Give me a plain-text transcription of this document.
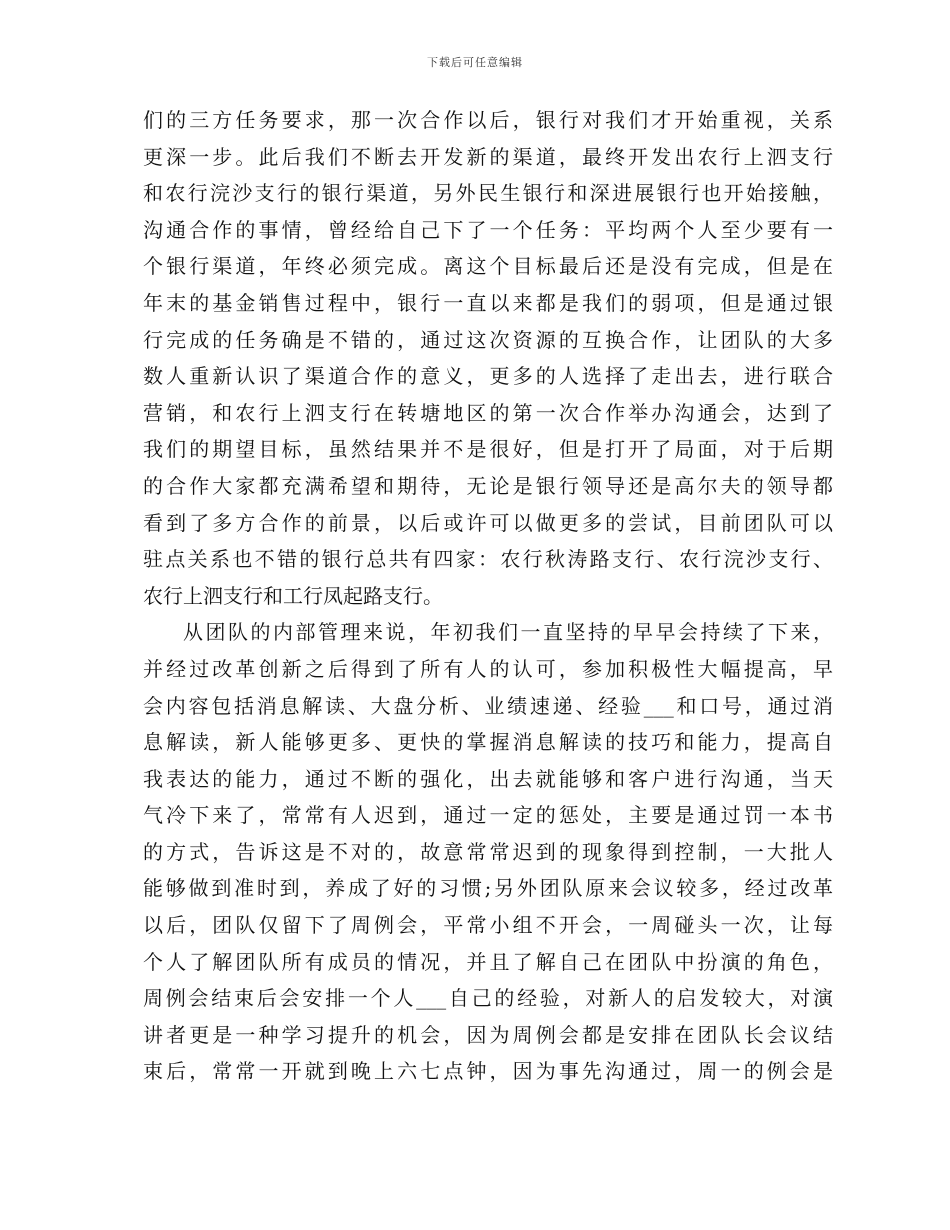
下载后可任意编辑
们的三方任务要求，那一次合作以后，银行对我们才开始重视，关系
更深一步。此后我们不断去开发新的渠道，最终开发出农行上泗支行
和农行浣沙支行的银行渠道，另外民生银行和深进展银行也开始接触，
沟通合作的事情，曾经给自己下了一个任务：平均两个人至少要有一
个银行渠道，年终必须完成。离这个目标最后还是没有完成，但是在
年末的基金销售过程中，银行一直以来都是我们的弱项，但是通过银
行完成的任务确是不错的，通过这次资源的互换合作，让团队的大多
数人重新认识了渠道合作的意义，更多的人选择了走出去，进行联合
营销，和农行上泗支行在转塘地区的第一次合作举办沟通会，达到了
我们的期望目标，虽然结果并不是很好，但是打开了局面，对于后期
的合作大家都充满希望和期待，无论是银行领导还是高尔夫的领导都
看到了多方合作的前景，以后或许可以做更多的尝试，目前团队可以
驻点关系也不错的银行总共有四家：农行秋涛路支行、农行浣沙支行、
农行上泗支行和工行凤起路支行。
从团队的内部管理来说，年初我们一直坚持的早早会持续了下来，
并经过改革创新之后得到了所有人的认可，参加积极性大幅提高，早
会内容包括消息解读、大盘分析、业绩速递、经验___和口号，通过消
息解读，新人能够更多、更快的掌握消息解读的技巧和能力，提高自
我表达的能力，通过不断的强化，出去就能够和客户进行沟通，当天
气冷下来了，常常有人迟到，通过一定的惩处，主要是通过罚一本书
的方式，告诉这是不对的，故意常常迟到的现象得到控制，一大批人
能够做到准时到，养成了好的习惯;另外团队原来会议较多，经过改革
以后，团队仅留下了周例会，平常小组不开会，一周碰头一次，让每
个人了解团队所有成员的情况，并且了解自己在团队中扮演的角色，
周例会结束后会安排一个人___自己的经验，对新人的启发较大，对演
讲者更是一种学习提升的机会，因为周例会都是安排在团队长会议结
束后，常常一开就到晚上六七点钟，因为事先沟通过，周一的例会是
